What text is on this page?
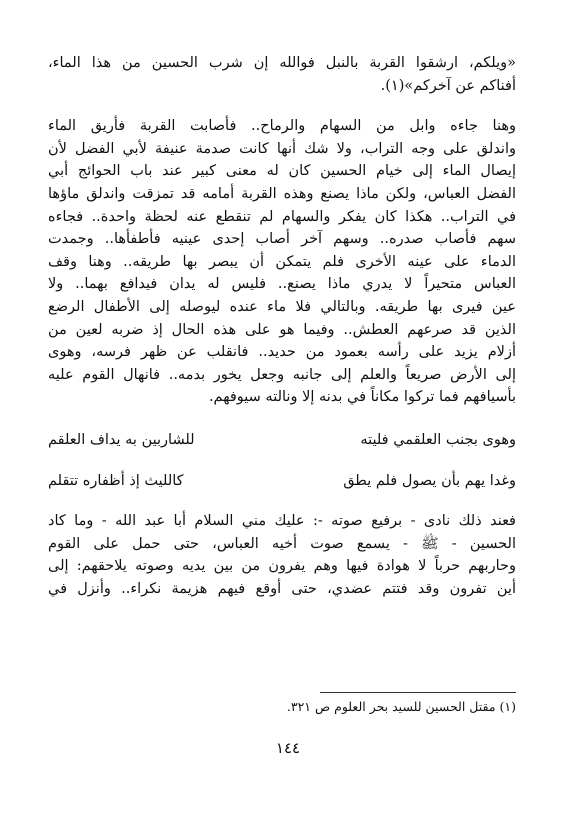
«ويلكم، ارشقوا القربة بالنبل فوالله إن شرب الحسين من هذا الماء،
أفناكم عن آخركم»(١).
وهنا جاءه وابل من السهام والرماح.. فأصابت القربة فأريق الماء
واندلق على وجه التراب، ولا شك أنها كانت صدمة عنيفة لأبي الفضل لأن
إيصال الماء إلى خيام الحسين كان له معنى كبير عند باب الحوائج أبي
الفضل العباس، ولكن ماذا يصنع وهذه القربة أمامه قد تمزقت واندلق ماؤها
في التراب.. هكذا كان يفكر والسهام لم تنقطع عنه لحظة واحدة.. فجاءه
سهم فأصاب صدره.. وسهم آخر أصاب إحدى عينيه فأطفأها.. وجمدت
الدماء على عينه الأخرى فلم يتمكن أن يبصر بها طريقه.. وهنا وقف
العباس متحيراً لا يدري ماذا يصنع.. فليس له يدان فيدافع بهما.. ولا
عين فيرى بها طريقه. وبالتالي فلا ماء عنده ليوصله إلى الأطفال الرضع
الذين قد صرعهم العطش.. وفيما هو على هذه الحال إذ ضربه لعين من
أزلام يزيد على رأسه بعمود من حديد.. فانقلب عن ظهر فرسه، وهوى
إلى الأرض صريعاً والعلم إلى جانبه وجعل يخور بدمه.. فانهال القوم عليه
بأسيافهم فما تركوا مكاناً في بدنه إلا ونالته سيوفهم.
وهوى بجنب العلقمي فليته
للشاربين به يداف العلقم
وغدا يهم بأن يصول فلم يطق
كالليث إذ أظفاره تتقلم
فعند ذلك نادى - برفيع صوته -: عليك مني السلام أبا عبد الله - وما كاد
الحسين - ﷺ - يسمع صوت أخيه العباس، حتى حمل على القوم
وحاربهم حرباً لا هوادة فيها وهم يفرون من بين يديه وصوته يلاحقهم: إلى
أين تفرون وقد فتتم عضدي، حتى أوقع فيهم هزيمة نكراء.. وأنزل في
(١) مقتل الحسين للسيد بحر العلوم ص ٣٢١.
١٤٤
